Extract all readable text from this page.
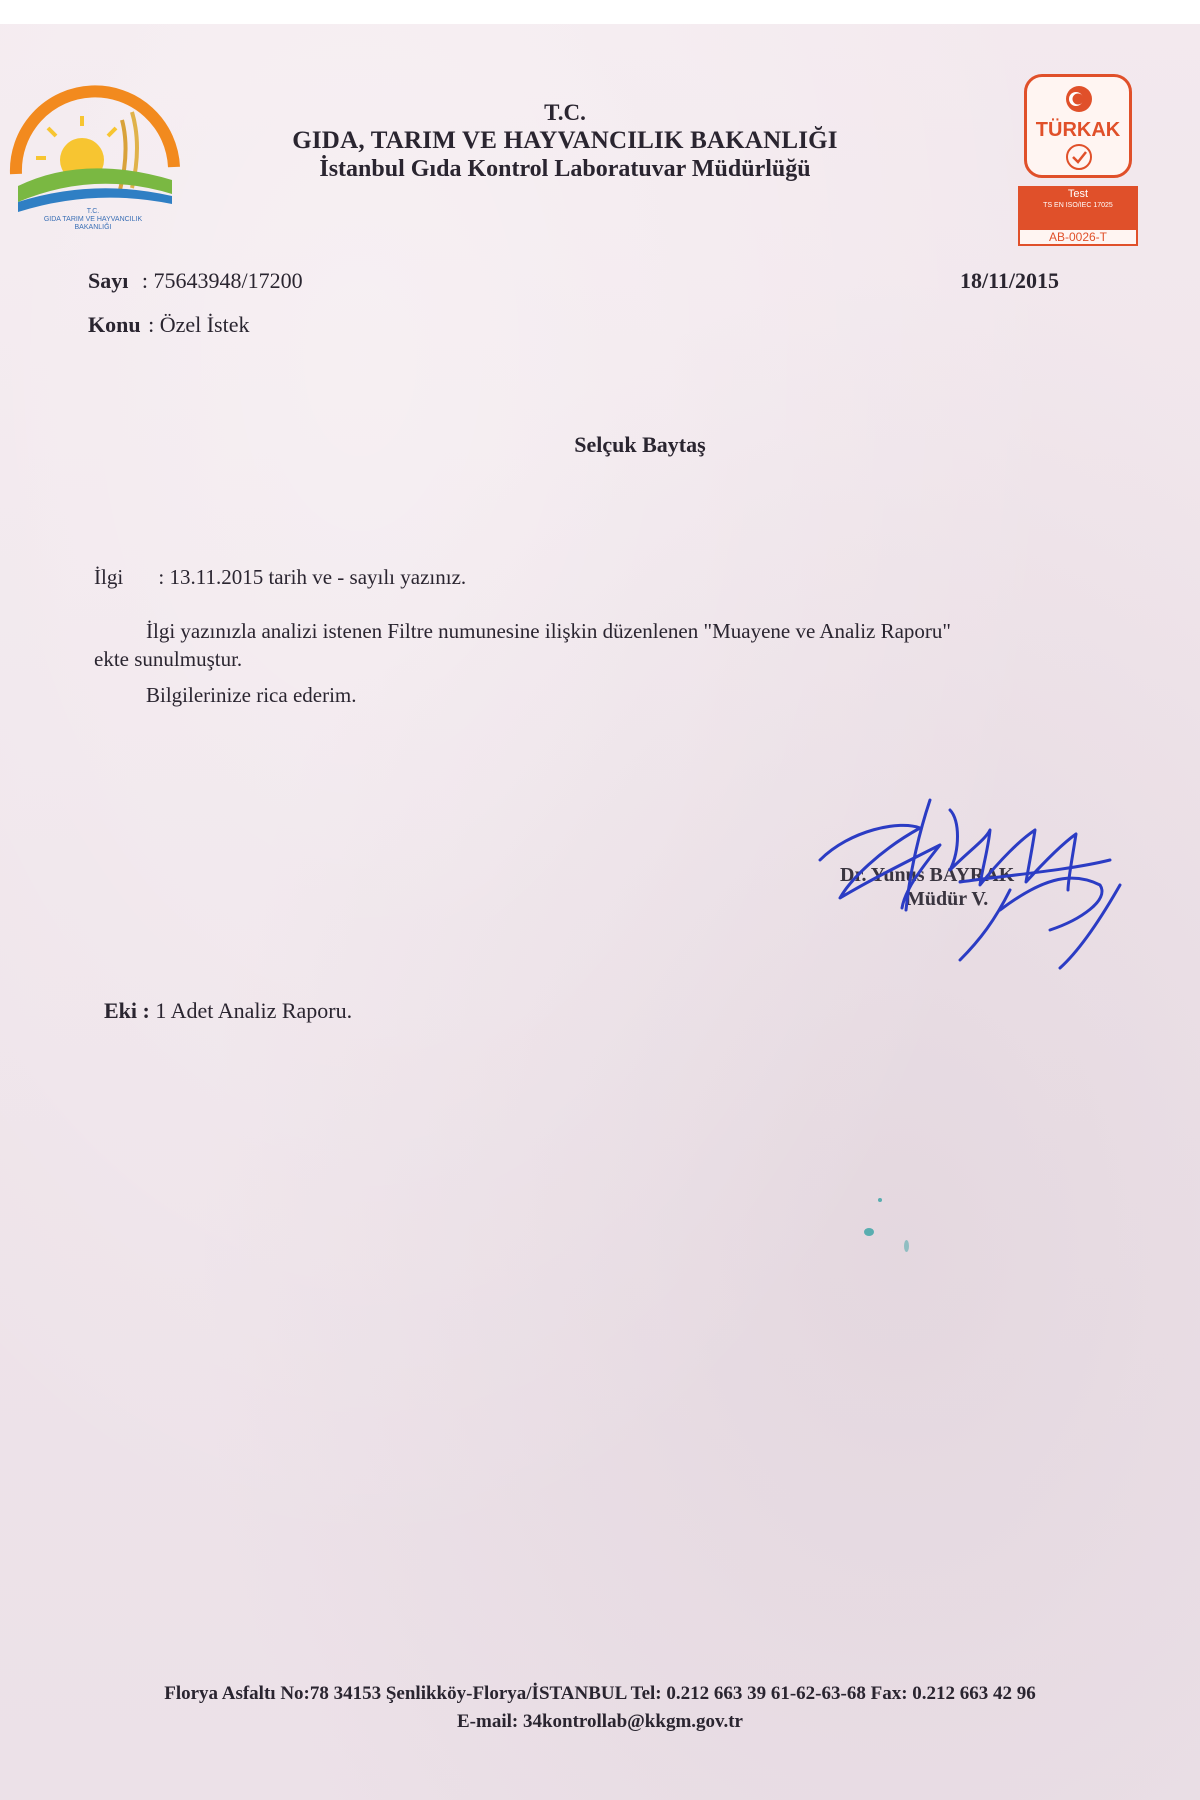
T.C.
GIDA TARIM VE HAYVANCILIK
BAKANLIĞI
T.C.
GIDA, TARIM VE HAYVANCILIK BAKANLIĞI
İstanbul Gıda Kontrol Laboratuvar Müdürlüğü
TÜRKAK
Test
TS EN ISO/IEC 17025
AB-0026-T
Sayı : 75643948/17200
Konu : Özel İstek
18/11/2015
Selçuk Baytaş
İlgi : 13.11.2015 tarih ve - sayılı yazınız.
İlgi yazınızla analizi istenen Filtre numunesine ilişkin düzenlenen "Muayene ve Analiz Raporu"
ekte sunulmuştur.
Bilgilerinize rica ederim.
Dr. Yunus BAYRAK
Müdür V.
Eki : 1 Adet Analiz Raporu.
Florya Asfaltı No:78 34153 Şenlikköy-Florya/İSTANBUL Tel: 0.212 663 39 61-62-63-68 Fax: 0.212 663 42 96
E-mail: 34kontrollab@kkgm.gov.tr
